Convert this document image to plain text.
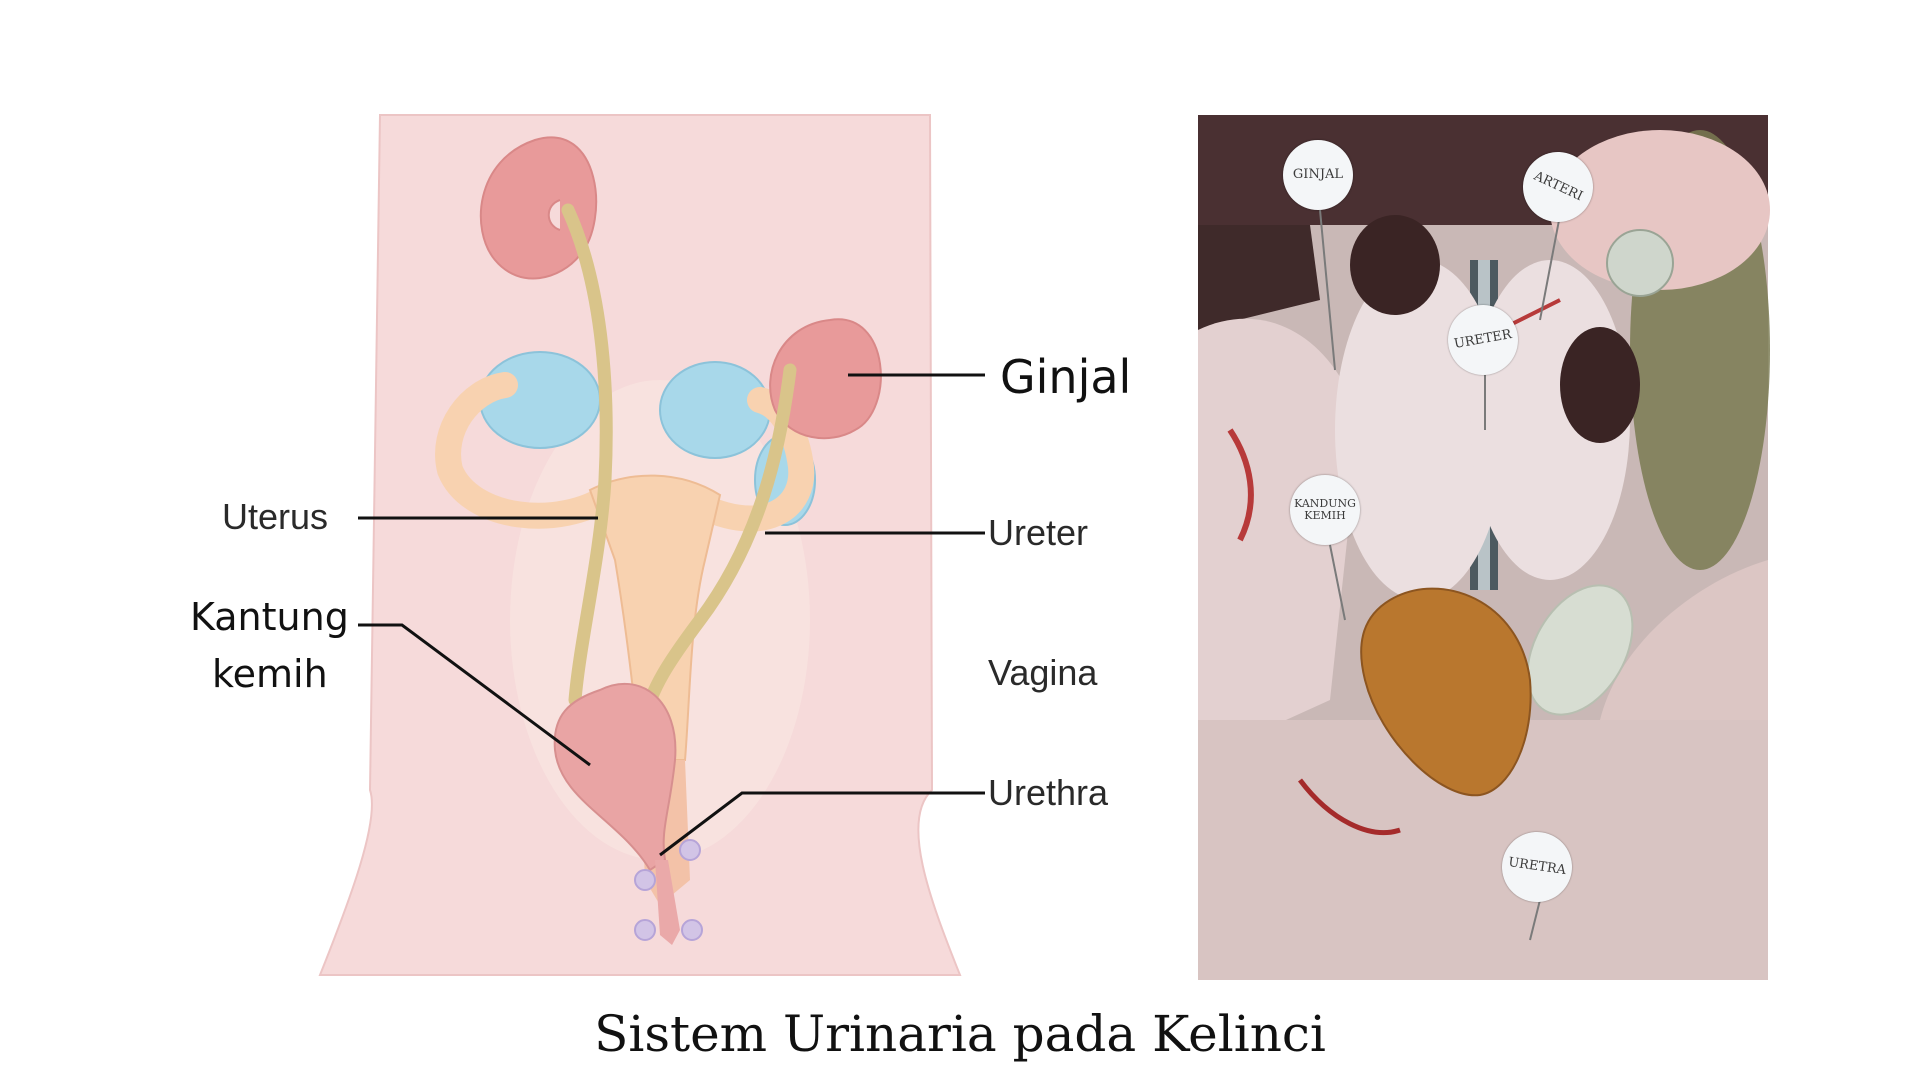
Ginjal
Uterus	Ureter
Kantung
kemih	Vagina
Urethra
GINJAL	ARTERI
URETER
KANDUNG
KEMIH
URETRA
Sistem Urinaria pada Kelinci
